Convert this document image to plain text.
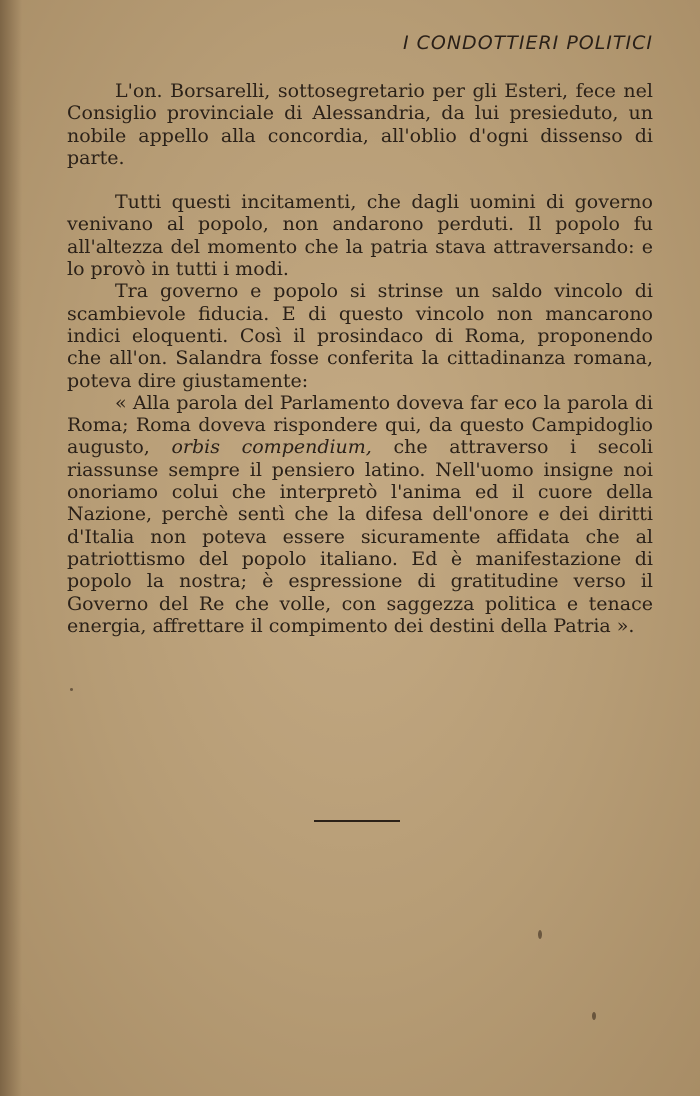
I CONDOTTIERI POLITICI

L'on. Borsarelli, sottosegretario per gli Esteri, fece nel Consiglio provinciale di Alessandria, da lui presieduto, un nobile appello alla concordia, all'oblio d'ogni dissenso di parte.

Tutti questi incitamenti, che dagli uomini di governo venivano al popolo, non andarono perduti. Il popolo fu all'altezza del momento che la patria stava attraversando: e lo provò in tutti i modi.

Tra governo e popolo si strinse un saldo vincolo di scambievole fiducia. E di questo vincolo non mancarono indici eloquenti. Così il prosindaco di Roma, proponendo che all'on. Salandra fosse conferita la cittadinanza romana, poteva dire giustamente:

« Alla parola del Parlamento doveva far eco la parola di Roma; Roma doveva rispondere qui, da questo Campidoglio augusto, orbis compendium, che attraverso i secoli riassunse sempre il pensiero latino. Nell'uomo insigne noi onoriamo colui che interpretò l'anima ed il cuore della Nazione, perchè sentì che la difesa dell'onore e dei diritti d'Italia non poteva essere sicuramente affidata che al patriottismo del popolo italiano. Ed è manifestazione di popolo la nostra; è espressione di gratitudine verso il Governo del Re che volle, con saggezza politica e tenace energia, affrettare il compimento dei destini della Patria ».
